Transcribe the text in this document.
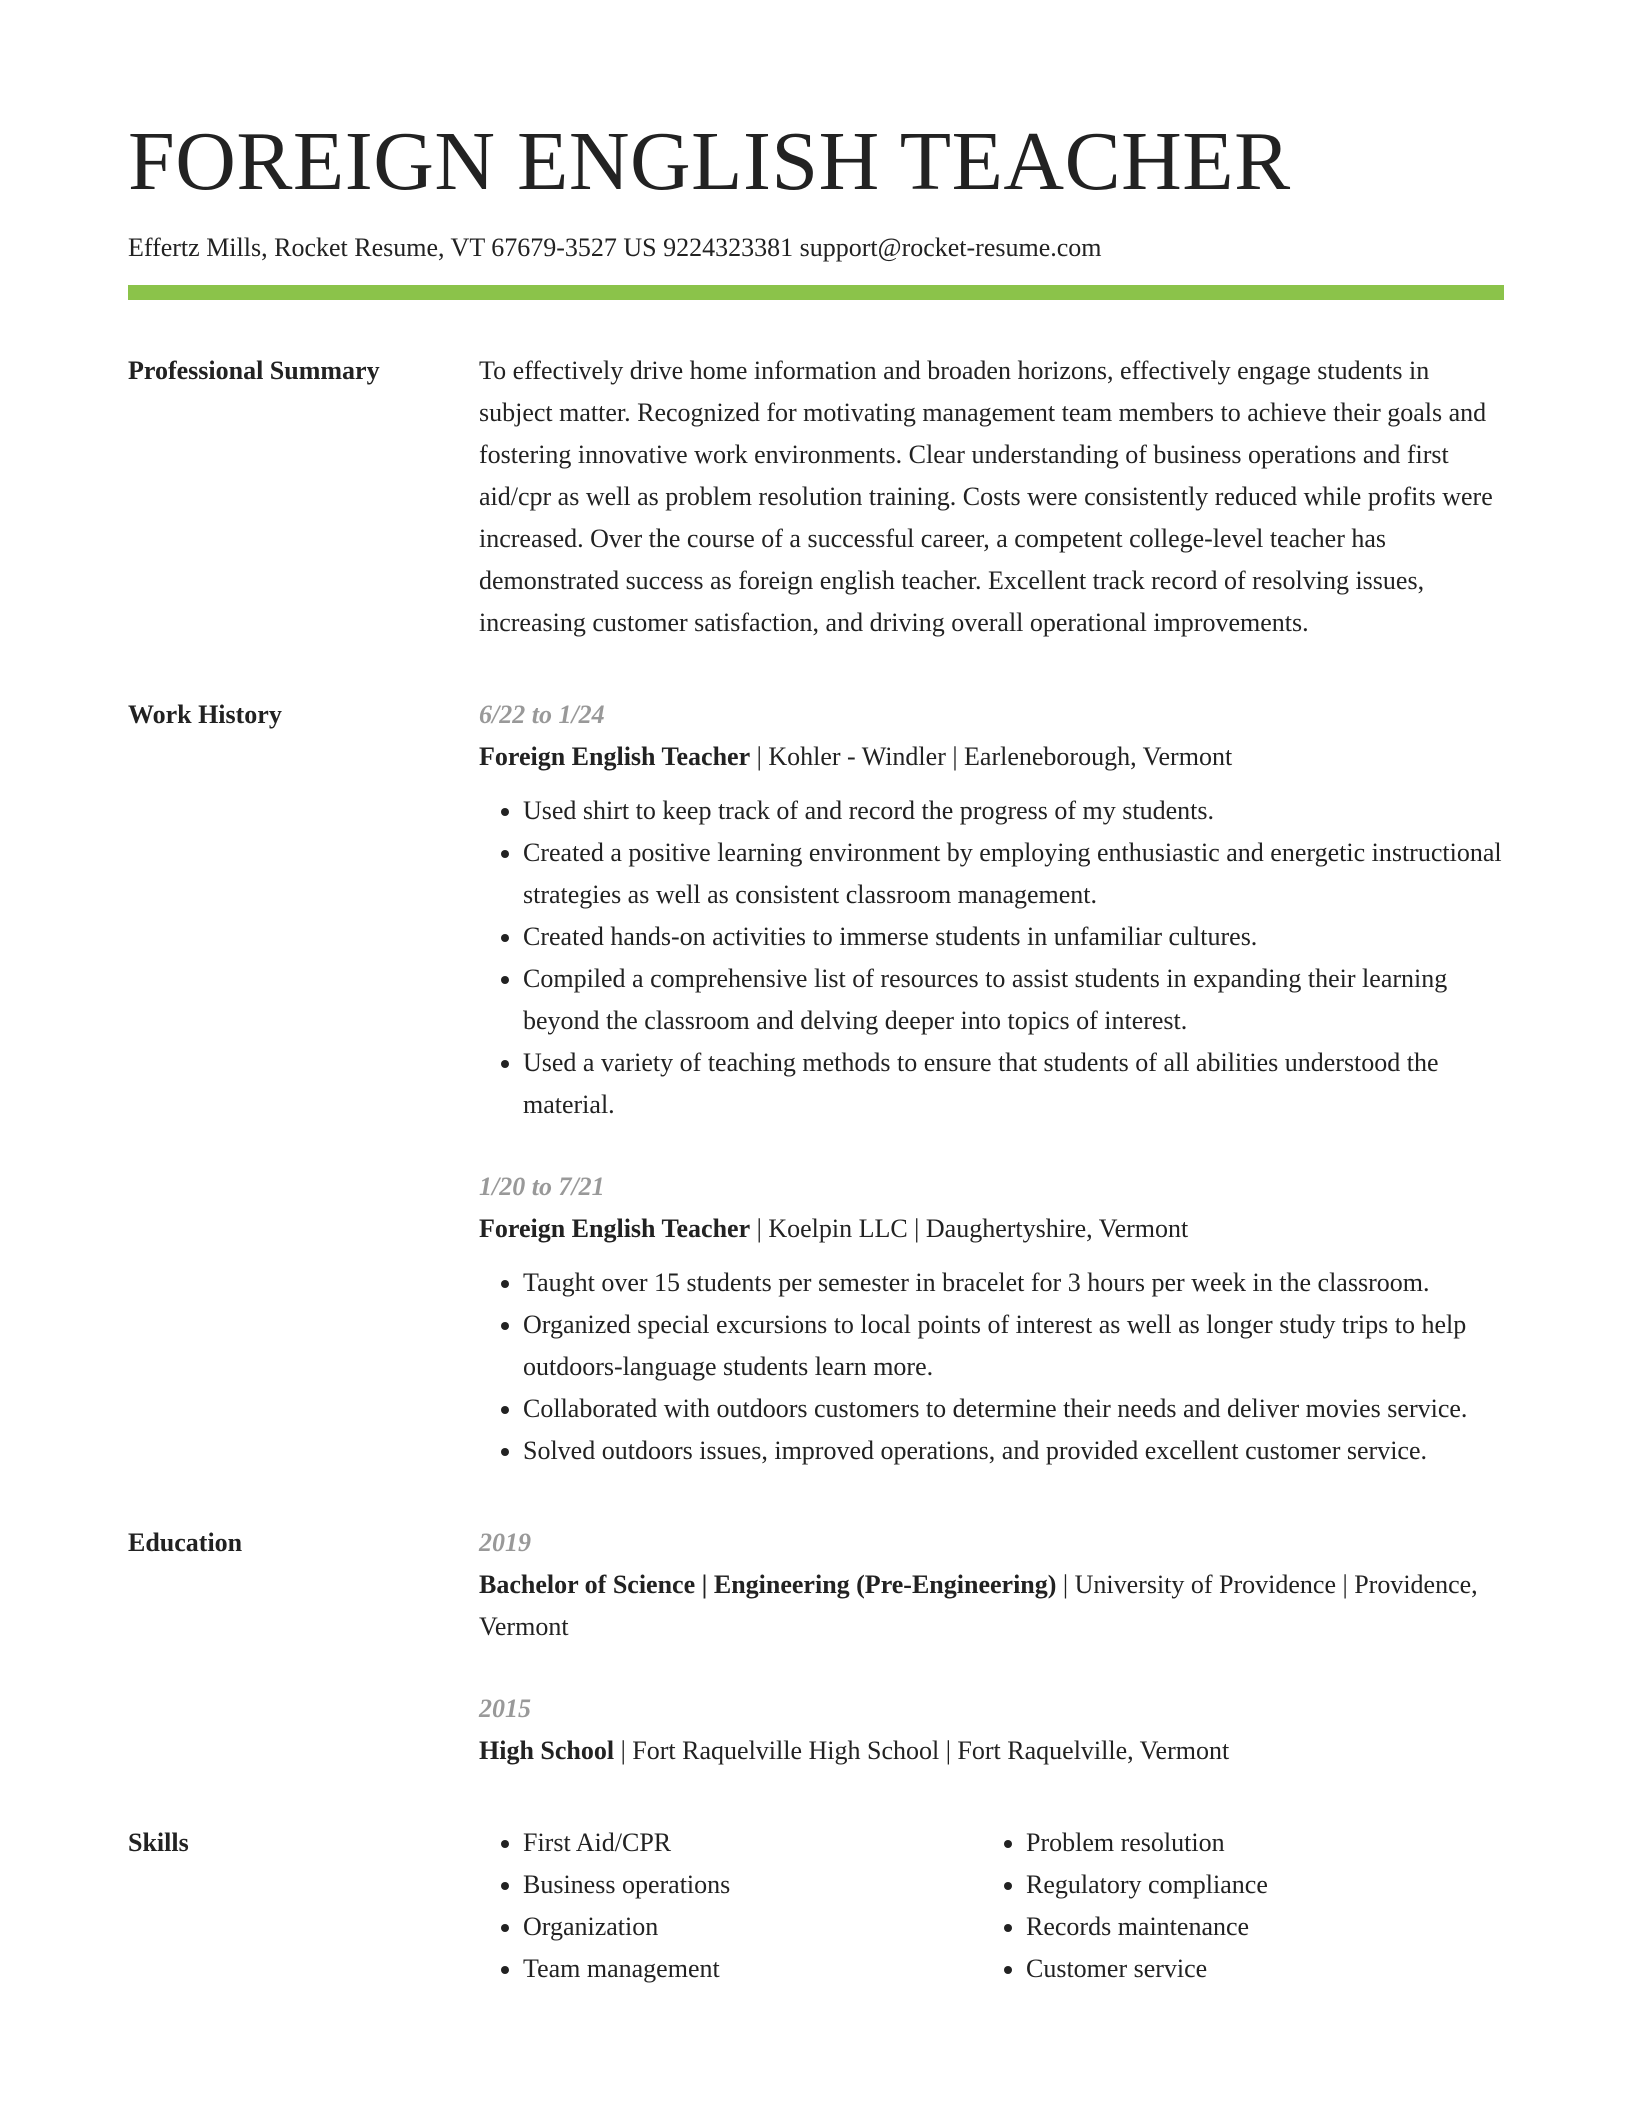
FOREIGN ENGLISH TEACHER
Effertz Mills, Rocket Resume, VT 67679-3527 US 9224323381 support@rocket-resume.com
Professional Summary	To effectively drive home information and broaden horizons, effectively engage students in subject matter. Recognized for motivating management team members to achieve their goals and fostering innovative work environments. Clear understanding of business operations and first aid/cpr as well as problem resolution training. Costs were consistently reduced while profits were increased. Over the course of a successful career, a competent college-level teacher has demonstrated success as foreign english teacher. Excellent track record of resolving issues, increasing customer satisfaction, and driving overall operational improvements.

Work History	6/22 to 1/24
Foreign English Teacher | Kohler - Windler | Earleneborough, Vermont
• Used shirt to keep track of and record the progress of my students.
• Created a positive learning environment by employing enthusiastic and energetic instructional strategies as well as consistent classroom management.
• Created hands-on activities to immerse students in unfamiliar cultures.
• Compiled a comprehensive list of resources to assist students in expanding their learning beyond the classroom and delving deeper into topics of interest.
• Used a variety of teaching methods to ensure that students of all abilities understood the material.
1/20 to 7/21
Foreign English Teacher | Koelpin LLC | Daughertyshire, Vermont
• Taught over 15 students per semester in bracelet for 3 hours per week in the classroom.
• Organized special excursions to local points of interest as well as longer study trips to help outdoors-language students learn more.
• Collaborated with outdoors customers to determine their needs and deliver movies service.
• Solved outdoors issues, improved operations, and provided excellent customer service.
Education	2019
Bachelor of Science | Engineering (Pre-Engineering) | University of Providence | Providence, Vermont
2015
High School | Fort Raquelville High School | Fort Raquelville, Vermont
Skills
•	First Aid/CPR
• Business operations
• Organization
• Team management
• Problem resolution
• Regulatory compliance
• Records maintenance
• Customer service
